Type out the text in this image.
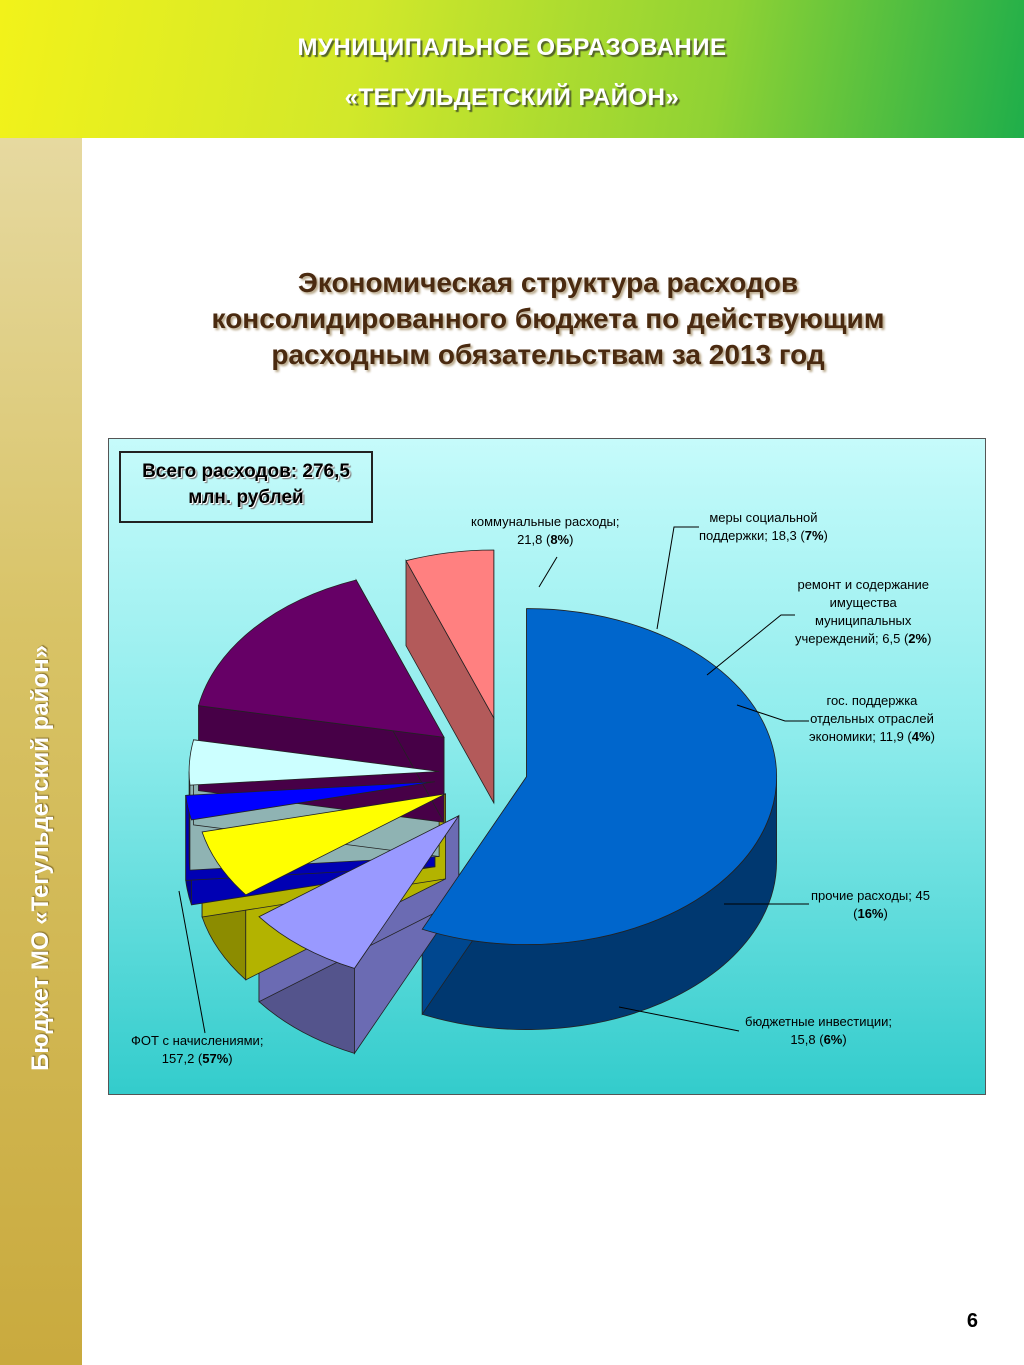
МУНИЦИПАЛЬНОЕ ОБРАЗОВАНИЕ
«ТЕГУЛЬДЕТСКИЙ РАЙОН»
Бюджет МО «Тегульдетский район»
Экономическая структура расходов
консолидированного бюджета по действующим
расходным обязательствам за 2013 год
Всего расходов: 276,5
млн. рублей
коммунальные расходы;
21,8 (8%)
меры социальной
поддержки; 18,3 (7%)
ремонт и содержание
имущества
муниципальных
учереждений; 6,5 (2%)
гос. поддержка
отдельных отраслей
экономики; 11,9 (4%)
прочие расходы; 45
(16%)
бюджетные инвестиции;
15,8 (6%)
ФОТ с начислениями;
157,2 (57%)
6
